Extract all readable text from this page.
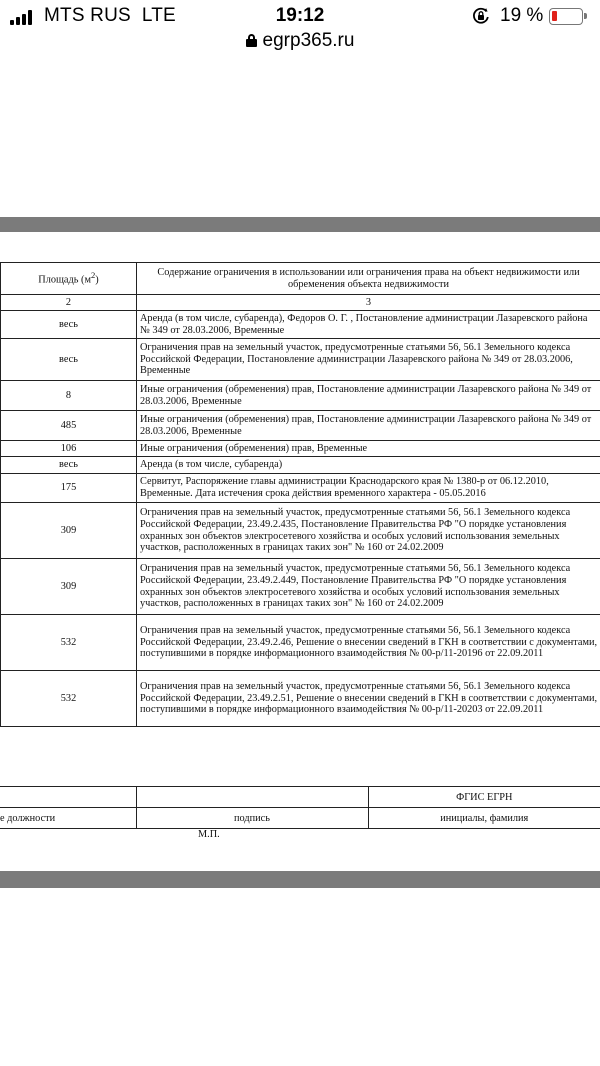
MTS RUS LTE	19:12	19 %
egrp365.ru
Площадь $(м^2)$	Содержание ограничения в использовании или ограничения права на объект недвижимости или обременения объекта недвижимости
2	3
весь	Аренда (в том числе, субаренда), Федоров О. Г. , Постановление администрации Лазаревского района № 349 от 28.03.2006, Временные
весь	Ограничения прав на земельный участок, предусмотренные статьями 56, 56.1 Земельного кодекса Российской Федерации, Постановление администрации Лазаревского района № 349 от 28.03.2006, Временные
8	Иные ограничения (обременения) прав, Постановление администрации Лазаревского района № 349 от 28.03.2006, Временные
485	Иные ограничения (обременения) прав, Постановление администрации Лазаревского района № 349 от 28.03.2006, Временные
106	Иные ограничения (обременения) прав, Временные
весь	Аренда (в том числе, субаренда)
175	Сервитут, Распоряжение главы администрации Краснодарского края № 1380-р от 06.12.2010, Временные. Дата истечения срока действия временного характера - 05.05.2016
309	Ограничения прав на земельный участок, предусмотренные статьями 56, 56.1 Земельного кодекса Российской Федерации, 23.49.2.435, Постановление Правительства РФ "О порядке установления охранных зон объектов электросетевого хозяйства и особых условий использования земельных участков, расположенных в границах таких зон" № 160 от 24.02.2009
309	Ограничения прав на земельный участок, предусмотренные статьями 56, 56.1 Земельного кодекса Российской Федерации, 23.49.2.449, Постановление Правительства РФ "О порядке установления охранных зон объектов электросетевого хозяйства и особых условий использования земельных участков, расположенных в границах таких зон" № 160 от 24.02.2009
532	Ограничения прав на земельный участок, предусмотренные статьями 56, 56.1 Земельного кодекса Российской Федерации, 23.49.2.46, Решение о внесении сведений в ГКН в соответствии с документами, поступившими в порядке информационного взаимодействия № 00-р/11-20196 от 22.09.2011
532	Ограничения прав на земельный участок, предусмотренные статьями 56, 56.1 Земельного кодекса Российской Федерации, 23.49.2.51, Решение о внесении сведений в ГКН в соответствии с документами, поступившими в порядке информационного взаимодействия № 00-р/11-20203 от 22.09.2011
		ФГИС ЕГРН
е должности	подпись	инициалы, фамилия
М.П.
